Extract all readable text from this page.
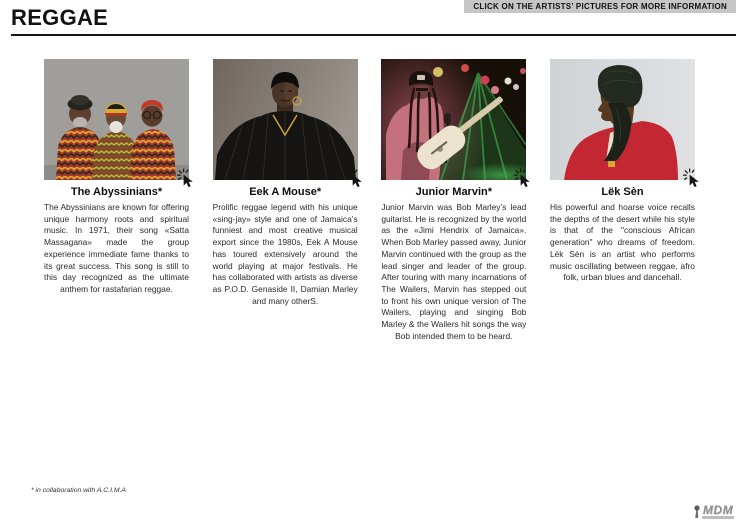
REGGAE	CLICK ON THE ARTISTS’ PICTURES FOR MORE INFORMATION
The Abyssinians*
The Abyssinians are known for offering unique harmony roots and spiritual music. In 1971, their song «Satta Massagana» made the group experience immediate fame thanks to its great success. This song is still to this day recognized as the ultimate anthem for rastafarian reggae.
Eek A Mouse*
Prolific reggae legend with his unique «sing-jay» style and one of Jamaica’s funniest and most creative musical export since the 1980s, Eek A Mouse has toured extensively around the world playing at major festivals. He has collaborated with artists as diverse as P.O.D. Genaside II, Damian Marley and many otherS.
Junior Marvin*
Junior Marvin was Bob Marley’s lead guitarist. He is recognized by the world as the «Jimi Hendrix of Jamaica». When Bob Marley passed away, Junior Marvin continued with the group as the lead singer and leader of the group. After touring with many incarnations of The Wailers, Marvin has stepped out to front his own unique version of The Wailers, playing and singing Bob Marley & the Wailers hit songs the way Bob intended them to be heard.
Lëk Sèn
His powerful and hoarse voice recalls the depths of the desert while his style is that of the "conscious African generation" who dreams of freedom. Lëk Sèn is an artist who performs music oscillating between reggae, afro folk, urban blues and dancehall.
* in collaboration with A.C.I.M.A
MDM
